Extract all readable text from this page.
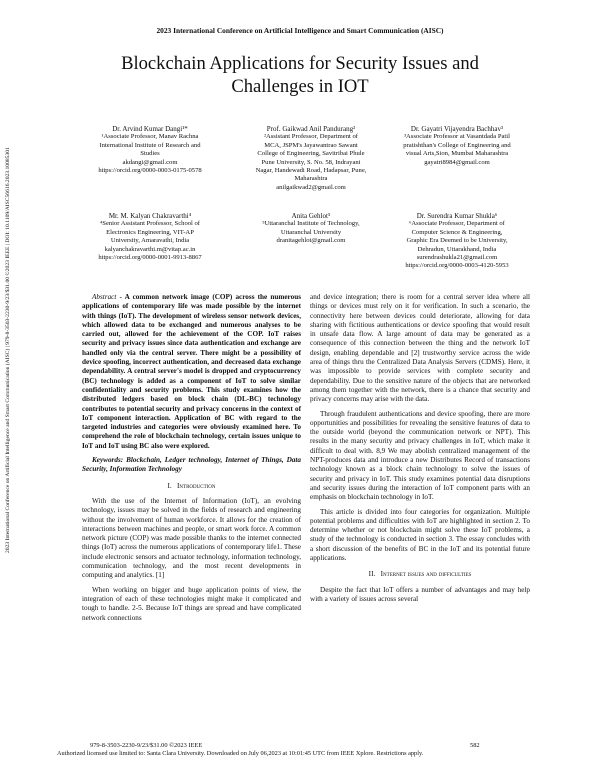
2023 International Conference on Artificial Intelligence and Smart Communication (AISC)
Blockchain Applications for Security Issues and
Challenges in IOT
2023 International Conference on Artificial Intelligence and Smart Communication (AISC) | 979-8-3503-2230-9/23/$31.00 ©2023 IEEE | DOI: 10.1109/AISC56616.2023.10085301
Dr. Arvind Kumar Dangi¹*
¹Associate Professor, Manav Rachna
International Institute of Research and
Studies
akdangi@gmail.com
https://orcid.org/0000-0003-0175-0578
Prof. Gaikwad Anil Pandurang²
²Assistant Professor, Department of
MCA, JSPM's Jayawantrao Sawant
College of Engineering, Savitribai Phule
Pune University, S. No. 58, Indrayani
Nagar, Handewadi Road, Hadapsar, Pune,
Maharashtra
anilgaikwad2@gmail.com
Dr. Gayatri Vijayendra Bachhav³
³Associate Professor at Vasantdada Patil
pratishthan's College of Engineering and
visual Arts,Sion, Mumbai Maharashtra
gayatri8984@gmail.com
Mr. M. Kalyan Chakravarthi⁴
⁴Senior Assistant Professor, School of
Electronics Engineering, VIT-AP
University, Amaravathi, India
kalyanchakravarthi.m@vitap.ac.in
https://orcid.org/0000-0001-9913-8867
Anita Gehlot⁵
⁵Uttaranchal Institute of Technology,
Uttaranchal University
dranitagehlot@gmail.com
Dr. Surendra Kumar Shukla⁶
⁶Associate Professor, Department of
Computer Science & Engineering,
Graphic Era Deemed to be University,
Dehradun, Uttarakhand, India
surendrashukla21@gmail.com
https://orcid.org/0000-0003-4120-5953

Abstract - A common network image (COP) across the numerous applications of contemporary life was made possible by the internet with things (IoT). The development of wireless sensor network devices, which allowed data to be exchanged and numerous analyses to be carried out, allowed for the achievement of the COP. IoT raises security and privacy issues since data authentication and exchange are handled only via the central server. There might be a possibility of device spoofing, incorrect authentication, and decreased data exchange dependability. A central server's model is dropped and cryptocurrency (BC) technology is added as a component of IoT to solve similar confidentiality and security problems. This study examines how the distributed ledgers based on block chain (DL-BC) technology contributes to potential security and privacy concerns in the context of IoT component interaction. Application of BC with regard to the targeted industries and categories were obviously examined here. To comprehend the role of blockchain technology, certain issues unique to IoT and IoT using BC also were explored.

Keywords: Blockchain, Ledger technology, Internet of Things, Data Security, Information Technology

I. Introduction

With the use of the Internet of Information (IoT), an evolving technology, issues may be solved in the fields of research and engineering without the involvement of human workforce. It allows for the creation of interactions between machines and people, or smart work force. A common network picture (COP) was made possible thanks to the internet connected things (IoT) across the numerous applications of contemporary life1. These include electronic sensors and actuator technology, information technology, communication technology, and the most recent developments in computing and analytics. [1]

When working on bigger and huge application points of view, the integration of each of these technologies might make it complicated and tough to handle. 2-5. Because IoT things are spread and have complicated network connections

and device integration; there is room for a central server idea where all things or devices must rely on it for verification. In such a scenario, the connectivity here between devices could deteriorate, allowing for data sharing with fictitious authentications or device spoofing that would result in unsafe data flow. A large amount of data may be generated as a consequence of this connection between the thing and the network IoT design, enabling dependable and [2] trustworthy service across the wide area of things thru the Centralized Data Analysis Servers (CDMS). Here, it was impossible to provide services with complete security and dependability. Due to the sensitive nature of the objects that are networked among them together with the network, there is a chance that security and privacy concerns may arise with the data.

Through fraudulent authentications and device spoofing, there are more opportunities and possibilities for revealing the sensitive features of data to the outside world (beyond the communication network or NPT). This results in the many security and privacy challenges in IoT, which make it difficult to deal with. 8,9 We may abolish centralized management of the NPT-produces data and introduce a new Distributes Record of transactions technology known as a block chain technology to solve the issues of security and privacy in IoT. This study examines potential data disruptions and security issues during the interaction of IoT component parts with an emphasis on blockchain technology in IoT.

This article is divided into four categories for organization. Multiple potential problems and difficulties with IoT are highlighted in section 2. To determine whether or not blockchain might solve these IoT problems, a study of the technology is conducted in section 3. The essay concludes with a short discussion of the benefits of BC in the IoT and its potential future applications.

II. Internet issues and difficulties

Despite the fact that IoT offers a number of advantages and may help with a variety of issues across several

979-8-3503-2230-9/23/$31.00 ©2023 IEEE	582
Authorized licensed use limited to: Santa Clara University. Downloaded on July 06,2023 at 10:01:45 UTC from IEEE Xplore. Restrictions apply.
